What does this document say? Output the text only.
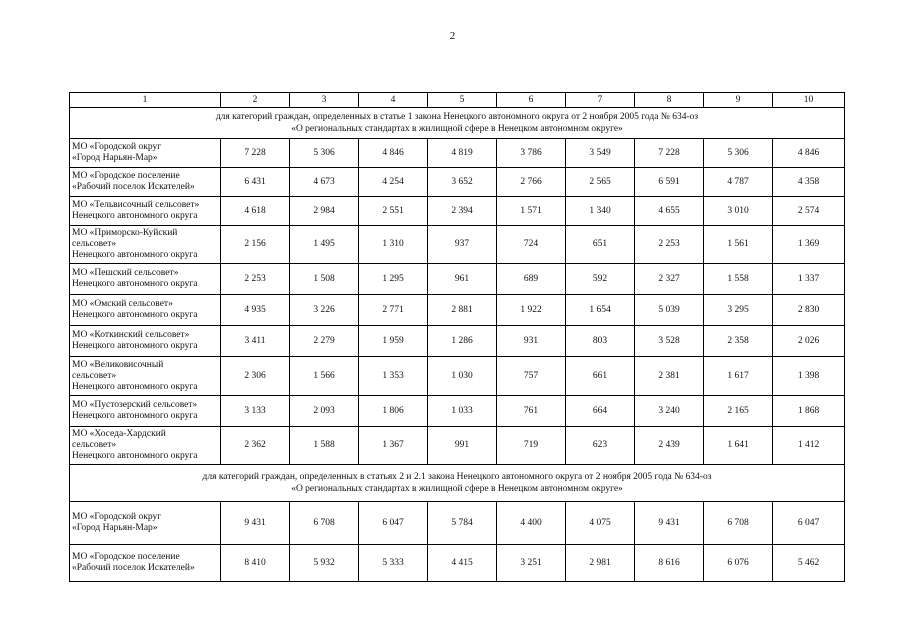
2
1	2	3	4	5	6	7	8	9	10

для категорий граждан, определенных в статье 1 закона Ненецкого автономного округа от 2 ноября 2005 года № 634-оз
«О региональных стандартах в жилищной сфере в Ненецком автономном округе»									

МО «Городской округ
«Город Нарьян-Мар»	7 228	5 306	4 846	4 819	3 786	3 549	7 228	5 306	4 846

МО «Городское поселение
«Рабочий поселок Искателей»	6 431	4 673	4 254	3 652	2 766	2 565	6 591	4 787	4 358

МО «Тельвисочный сельсовет»
Ненецкого автономного округа	4 618	2 984	2 551	2 394	1 571	1 340	4 655	3 010	2 574

МО «Приморско-Куйский
сельсовет»
Ненецкого автономного округа	2 156	1 495	1 310	937	724	651	2 253	1 561	1 369

МО «Пешский сельсовет»
Ненецкого автономного округа	2 253	1 508	1 295	961	689	592	2 327	1 558	1 337

МО «Омский сельсовет»
Ненецкого автономного округа	4 935	3 226	2 771	2 881	1 922	1 654	5 039	3 295	2 830

МО «Коткинский сельсовет»
Ненецкого автономного округа	3 411	2 279	1 959	1 286	931	803	3 528	2 358	2 026

МО «Великовисочный
сельсовет»
Ненецкого автономного округа	2 306	1 566	1 353	1 030	757	661	2 381	1 617	1 398

МО «Пустозерский сельсовет»
Ненецкого автономного округа	3 133	2 093	1 806	1 033	761	664	3 240	2 165	1 868

МО «Хоседа-Хардский
сельсовет»
Ненецкого автономного округа	2 362	1 588	1 367	991	719	623	2 439	1 641	1 412

для категорий граждан, определенных в статьях 2 и 2.1 закона Ненецкого автономного округа от 2 ноября 2005 года № 634-оз
«О региональных стандартах в жилищной сфере в Ненецком автономном округе»									

МО «Городской округ
«Город Нарьян-Мар»	9 431	6 708	6 047	5 784	4 400	4 075	9 431	6 708	6 047

МО «Городское поселение
«Рабочий поселок Искателей»	8 410	5 932	5 333	4 415	3 251	2 981	8 616	6 076	5 462
